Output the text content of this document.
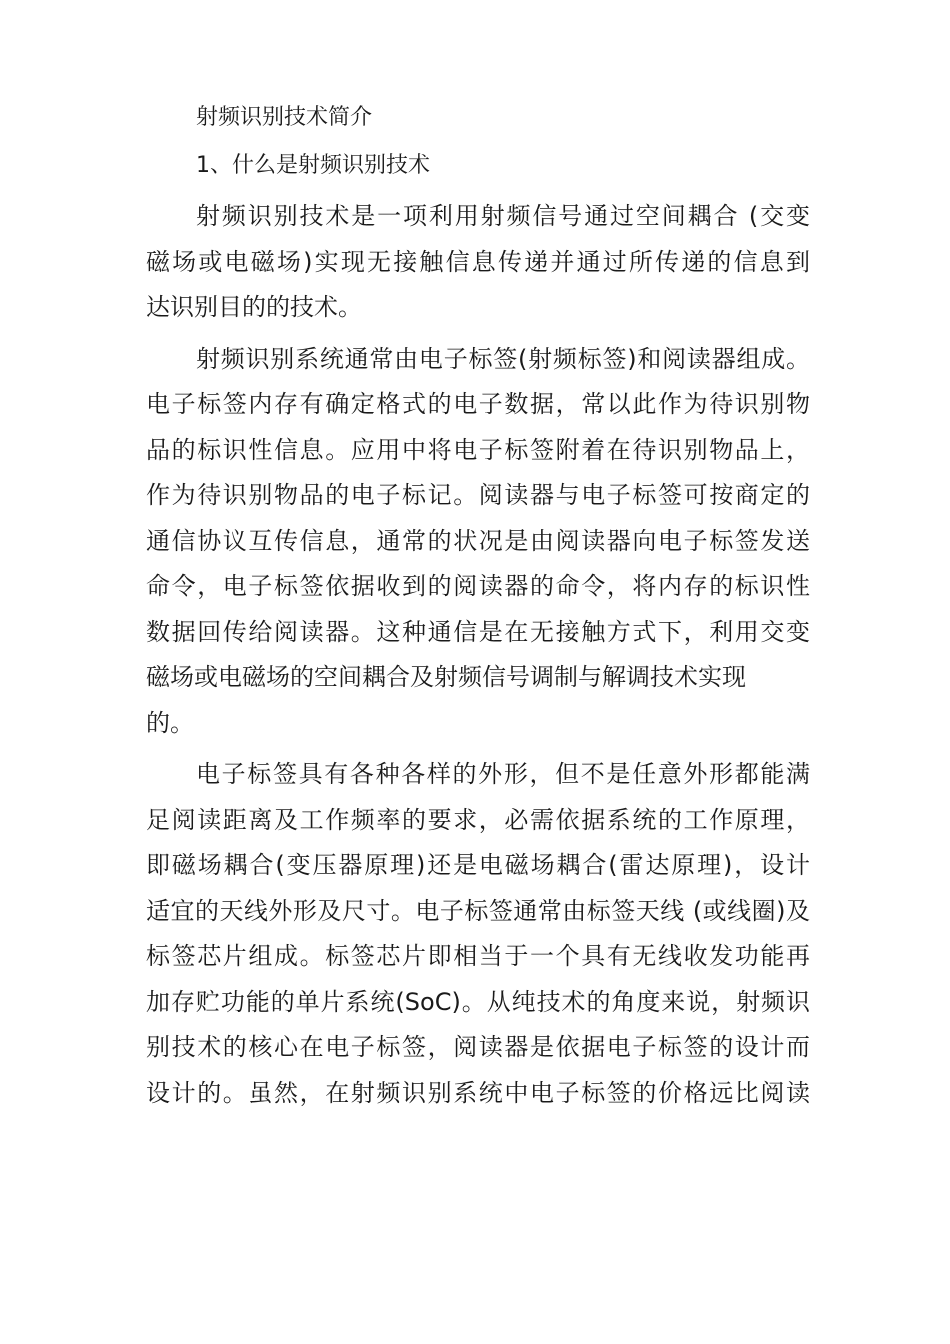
射频识别技术简介

1、什么是射频识别技术

射频识别技术是一项利用射频信号通过空间耦合 (交变
磁场或电磁场)实现无接触信息传递并通过所传递的信息到
达识别目的的技术。
射频识别系统通常由电子标签(射频标签)和阅读器组成。
电子标签内存有确定格式的电子数据，常以此作为待识别物
品的标识性信息。应用中将电子标签附着在待识别物品上，
作为待识别物品的电子标记。阅读器与电子标签可按商定的
通信协议互传信息，通常的状况是由阅读器向电子标签发送
命令，电子标签依据收到的阅读器的命令，将内存的标识性
数据回传给阅读器。这种通信是在无接触方式下，利用交变
磁场或电磁场的空间耦合及射频信号调制与解调技术实现
的。
电子标签具有各种各样的外形，但不是任意外形都能满
足阅读距离及工作频率的要求，必需依据系统的工作原理，
即磁场耦合(变压器原理)还是电磁场耦合(雷达原理)，设计
适宜的天线外形及尺寸。电子标签通常由标签天线 (或线圈)及
标签芯片组成。标签芯片即相当于一个具有无线收发功能再
加存贮功能的单片系统(SoC)。从纯技术的角度来说，射频识
别技术的核心在电子标签，阅读器是依据电子标签的设计而
设计的。虽然，在射频识别系统中电子标签的价格远比阅读
